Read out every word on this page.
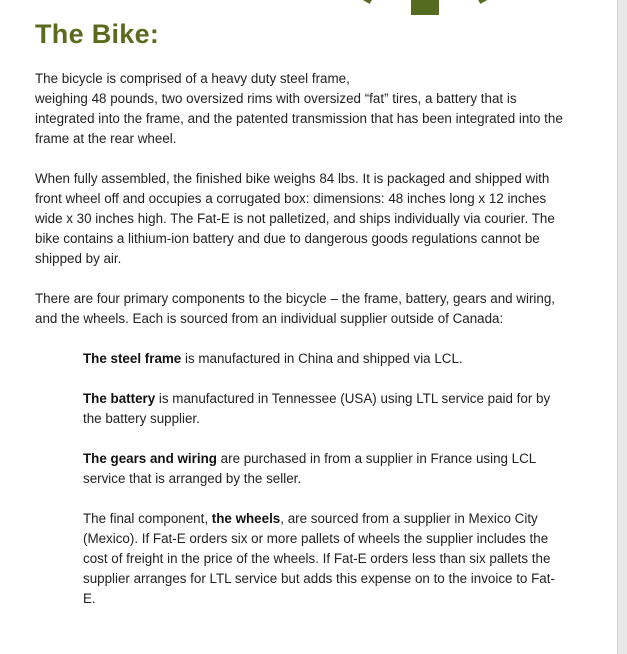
The Bike:

The bicycle is comprised of a heavy duty steel frame,
weighing 48 pounds, two oversized rims with oversized “fat” tires, a battery that is integrated into the frame, and the patented transmission that has been integrated into the frame at the rear wheel.

When fully assembled, the finished bike weighs 84 lbs. It is packaged and shipped with front wheel off and occupies a corrugated box: dimensions: 48 inches long x 12 inches wide x 30 inches high. The Fat-E is not palletized, and ships individually via courier. The bike contains a lithium-ion battery and due to dangerous goods regulations cannot be shipped by air.

There are four primary components to the bicycle – the frame, battery, gears and wiring, and the wheels. Each is sourced from an individual supplier outside of Canada:

The steel frame is manufactured in China and shipped via LCL.

The battery is manufactured in Tennessee (USA) using LTL service paid for by the battery supplier.

The gears and wiring are purchased in from a supplier in France using LCL service that is arranged by the seller.

The final component, the wheels, are sourced from a supplier in Mexico City (Mexico). If Fat-E orders six or more pallets of wheels the supplier includes the cost of freight in the price of the wheels. If Fat-E orders less than six pallets the supplier arranges for LTL service but adds this expense on to the invoice to Fat-E.
